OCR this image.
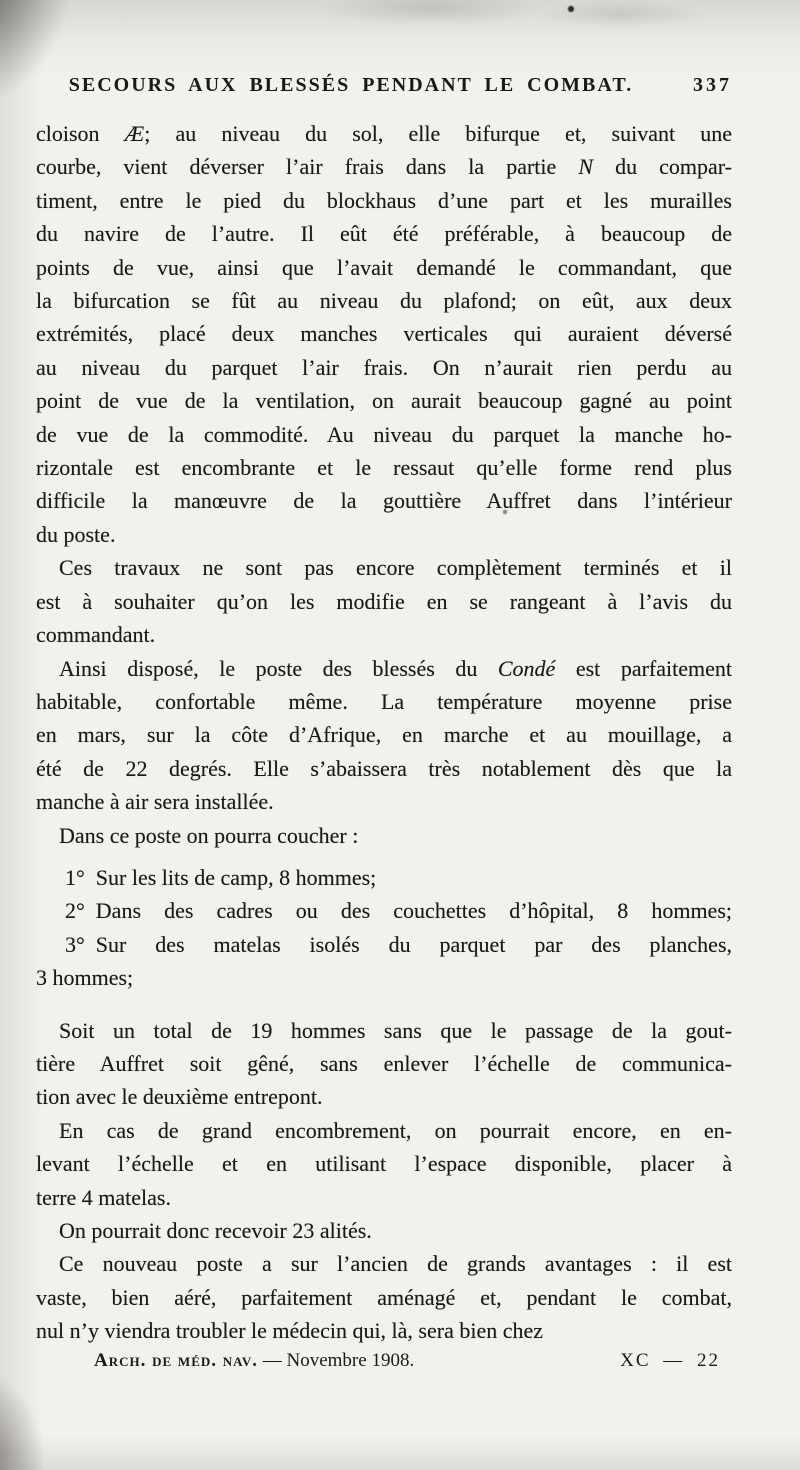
SECOURS AUX BLESSÉS PENDANT LE COMBAT.	337
cloison Æ; au niveau du sol, elle bifurque et, suivant une
courbe, vient déverser l’air frais dans la partie N du compar-
timent, entre le pied du blockhaus d’une part et les murailles
du navire de l’autre. Il eût été préférable, à beaucoup de
points de vue, ainsi que l’avait demandé le commandant, que
la bifurcation se fût au niveau du plafond; on eût, aux deux
extrémités, placé deux manches verticales qui auraient déversé
au niveau du parquet l’air frais. On n’aurait rien perdu au
point de vue de la ventilation, on aurait beaucoup gagné au point
de vue de la commodité. Au niveau du parquet la manche ho-
rizontale est encombrante et le ressaut qu’elle forme rend plus
difficile la manœuvre de la gouttière Auffret dans l’intérieur
du poste.
Ces travaux ne sont pas encore complètement terminés et il
est à souhaiter qu’on les modifie en se rangeant à l’avis du
commandant.
Ainsi disposé, le poste des blessés du Condé est parfaitement
habitable, confortable même. La température moyenne prise
en mars, sur la côte d’Afrique, en marche et au mouillage, a
été de 22 degrés. Elle s’abaissera très notablement dès que la
manche à air sera installée.
Dans ce poste on pourra coucher :
1° Sur les lits de camp, 8 hommes;
2° Dans des cadres ou des couchettes d’hôpital, 8 hommes;
3° Sur des matelas isolés du parquet par des planches,
3 hommes;
Soit un total de 19 hommes sans que le passage de la gout-
tière Auffret soit gêné, sans enlever l’échelle de communica-
tion avec le deuxième entrepont.
En cas de grand encombrement, on pourrait encore, en en-
levant l’échelle et en utilisant l’espace disponible, placer à
terre 4 matelas.
On pourrait donc recevoir 23 alités.
Ce nouveau poste a sur l’ancien de grands avantages : il est
vaste, bien aéré, parfaitement aménagé et, pendant le combat,
nul n’y viendra troubler le médecin qui, là, sera bien chez
Arch. de méd. nav. — Novembre 1908.	XC — 22
